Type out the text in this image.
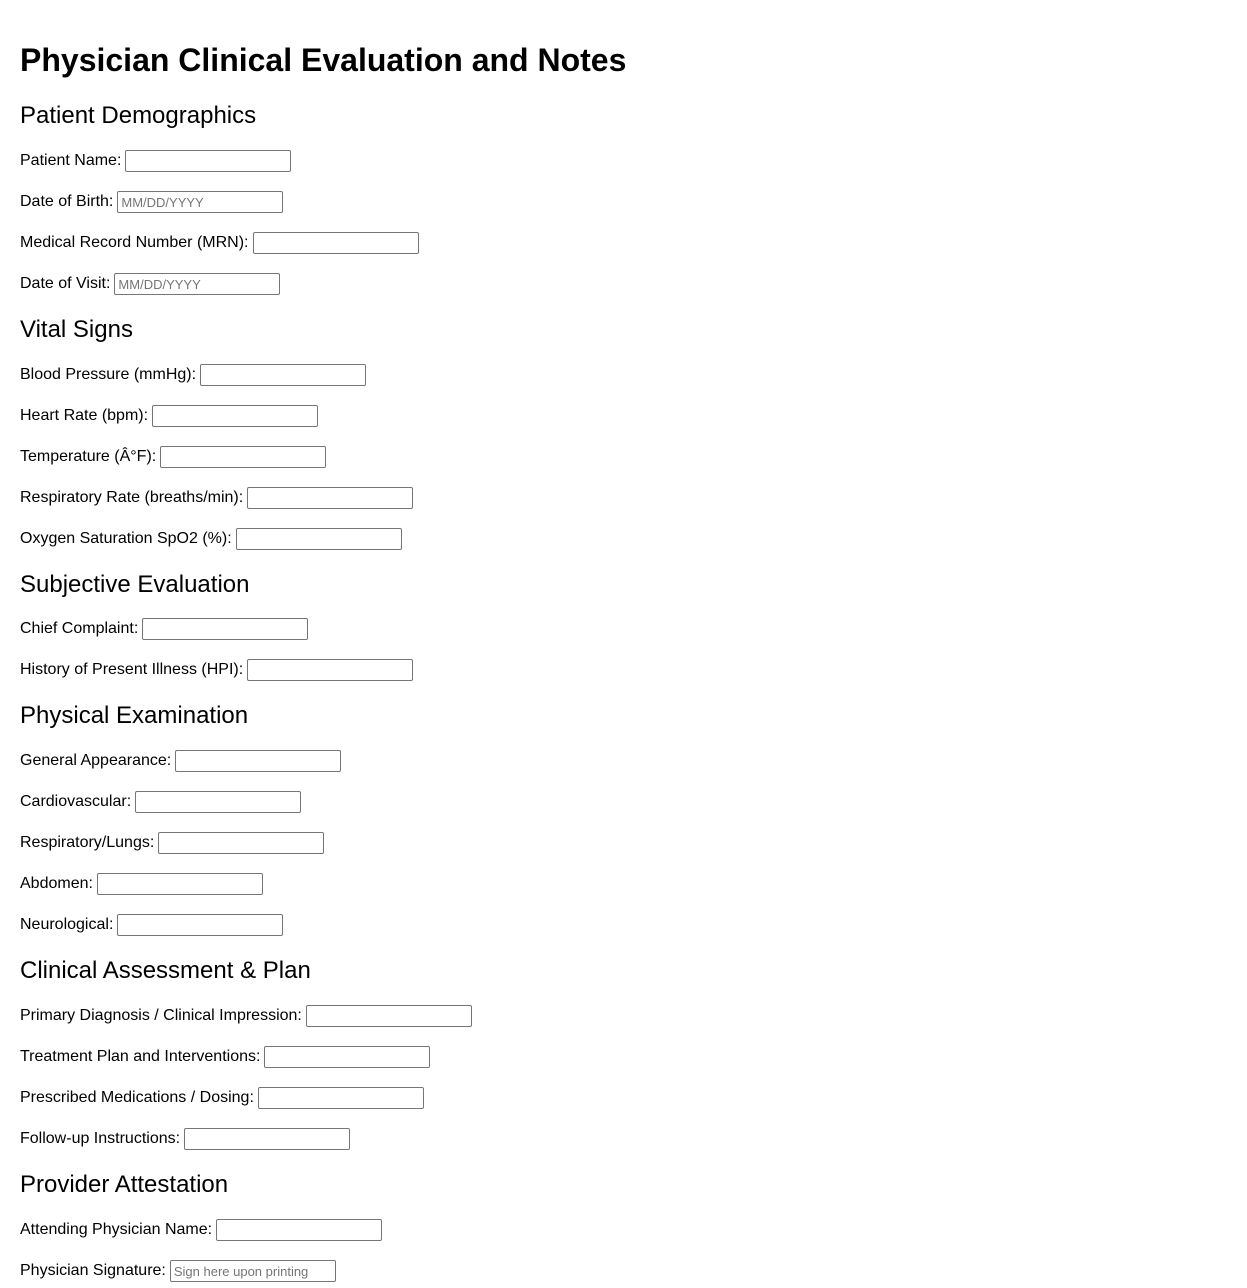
Physician Clinical Evaluation and Notes
Patient Demographics
Patient Name:
Date of Birth:
MM/DD/YYYY
Medical Record Number (MRN):
Date of Visit:
MM/DD/YYYY
Vital Signs
Blood Pressure (mmHg):
Heart Rate (bpm):
Temperature (Â°F):
Respiratory Rate (breaths/min):
Oxygen Saturation SpO2 (%):
Subjective Evaluation
Chief Complaint:
History of Present Illness (HPI):
Physical Examination
General Appearance:
Cardiovascular:
Respiratory/Lungs:
Abdomen:
Neurological:
Clinical Assessment & Plan
Primary Diagnosis / Clinical Impression:
Treatment Plan and Interventions:
Prescribed Medications / Dosing:
Follow-up Instructions:
Provider Attestation
Attending Physician Name:
Physician Signature:
Sign here upon printing
